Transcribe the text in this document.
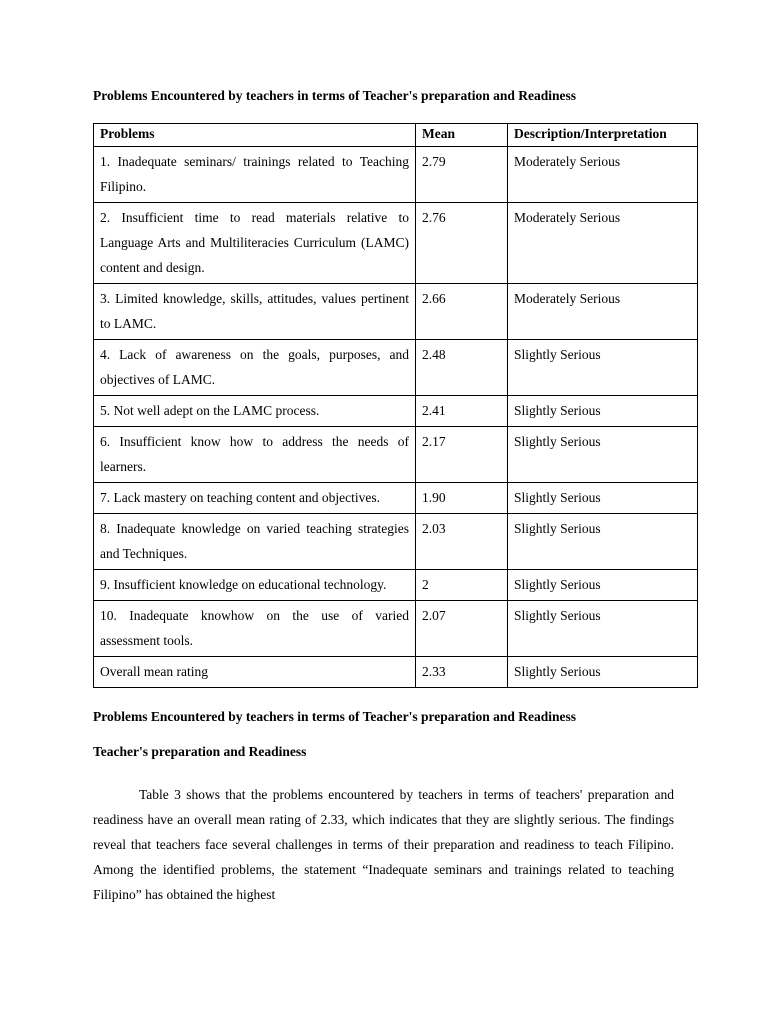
Problems Encountered by teachers in terms of Teacher's preparation and Readiness
Problems	Mean	Description/Interpretation
1. Inadequate seminars/ trainings related to Teaching Filipino.	2.79	Moderately Serious
2. Insufficient time to read materials relative to Language Arts and Multiliteracies Curriculum (LAMC) content and design.	2.76	Moderately Serious
3. Limited knowledge, skills, attitudes, values pertinent to LAMC.	2.66	Moderately Serious
4. Lack of awareness on the goals, purposes, and objectives of LAMC.	2.48	Slightly Serious
5. Not well adept on the LAMC process.	2.41	Slightly Serious
6. Insufficient know how to address the needs of learners.	2.17	Slightly Serious
7. Lack mastery on teaching content and objectives.	1.90	Slightly Serious
8. Inadequate knowledge on varied teaching strategies and Techniques.	2.03	Slightly Serious
9. Insufficient knowledge on educational technology.	2	Slightly Serious
10. Inadequate knowhow on the use of varied assessment tools.	2.07	Slightly Serious
Overall mean rating	2.33	Slightly Serious
Problems Encountered by teachers in terms of Teacher's preparation and Readiness
Teacher's preparation and Readiness

Table 3 shows that the problems encountered by teachers in terms of teachers' preparation and readiness have an overall mean rating of 2.33, which indicates that they are slightly serious. The findings reveal that teachers face several challenges in terms of their preparation and readiness to teach Filipino. Among the identified problems, the statement “Inadequate seminars and trainings related to teaching Filipino” has obtained the highest
